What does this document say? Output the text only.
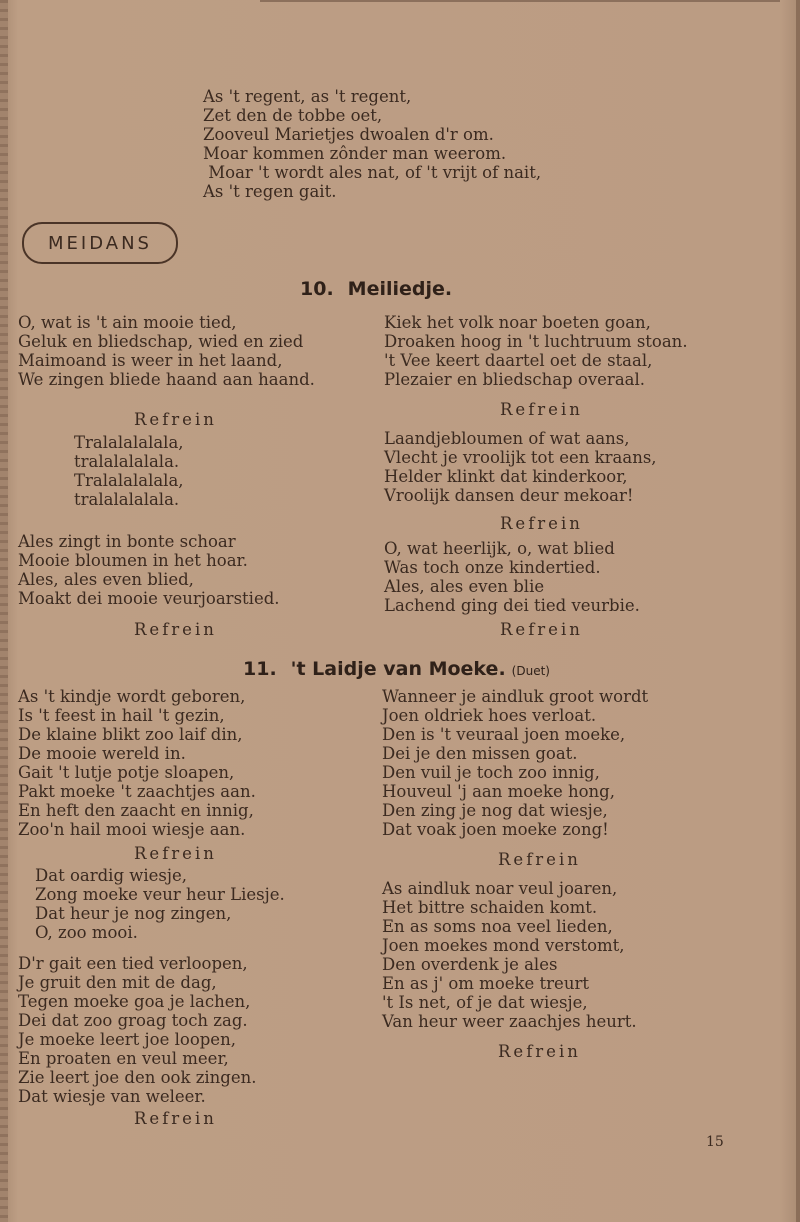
As 't regent, as 't regent,
Zet den de tobbe oet,
Zooveul Marietjes dwoalen d'r om.
Moar kommen zônder man weerom.
Moar 't wordt ales nat, of 't vrijt of nait,
As 't regen gait.
MEIDANS
10. Meiliedje.
O, wat is 't ain mooie tied,
Geluk en bliedschap, wied en zied
Maimoand is weer in het laand,
We zingen bliede haand aan haand.
Refrein
Tralalalalala,
tralalalalala.
Tralalalalala,
tralalalalala.
Ales zingt in bonte schoar
Mooie bloumen in het hoar.
Ales, ales even blied,
Moakt dei mooie veurjoarstied.
Refrein
Kiek het volk noar boeten goan,
Droaken hoog in 't luchtruum stoan.
't Vee keert daartel oet de staal,
Plezaier en bliedschap overaal.
Refrein
Laandjebloumen of wat aans,
Vlecht je vroolijk tot een kraans,
Helder klinkt dat kinderkoor,
Vroolijk dansen deur mekoar!
Refrein
O, wat heerlijk, o, wat blied
Was toch onze kindertied.
Ales, ales even blie
Lachend ging dei tied veurbie.
Refrein
11. 't Laidje van Moeke. (Duet)
As 't kindje wordt geboren,
Is 't feest in hail 't gezin,
De klaine blikt zoo laif din,
De mooie wereld in.
Gait 't lutje potje sloapen,
Pakt moeke 't zaachtjes aan.
En heft den zaacht en innig,
Zoo'n hail mooi wiesje aan.
Refrein
Dat oardig wiesje,
Zong moeke veur heur Liesje.
Dat heur je nog zingen,
O, zoo mooi.
D'r gait een tied verloopen,
Je gruit den mit de dag,
Tegen moeke goa je lachen,
Dei dat zoo groag toch zag.
Je moeke leert joe loopen,
En proaten en veul meer,
Zie leert joe den ook zingen.
Dat wiesje van weleer.
Refrein
Wanneer je aindluk groot wordt
Joen oldriek hoes verloat.
Den is 't veuraal joen moeke,
Dei je den missen goat.
Den vuil je toch zoo innig,
Houveul 'j aan moeke hong,
Den zing je nog dat wiesje,
Dat voak joen moeke zong!
Refrein
As aindluk noar veul joaren,
Het bittre schaiden komt.
En as soms noa veel lieden,
Joen moekes mond verstomt,
Den overdenk je ales
En as j' om moeke treurt
't Is net, of je dat wiesje,
Van heur weer zaachjes heurt.
Refrein
15
